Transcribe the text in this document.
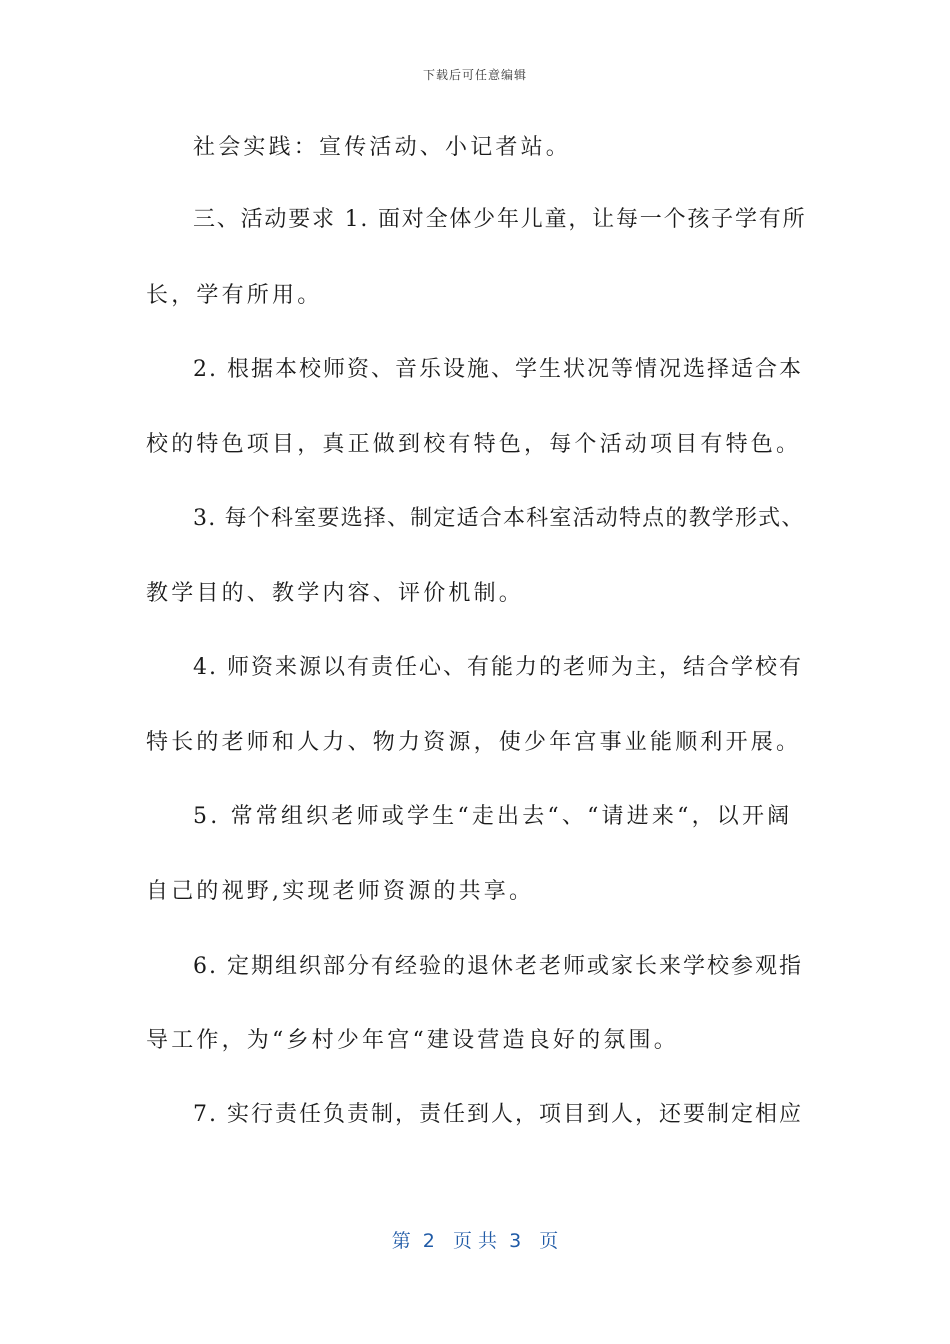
下载后可任意编辑
社会实践：宣传活动、小记者站。
三、活动要求 1. 面对全体少年儿童，让每一个孩子学有所
长，学有所用。
2. 根据本校师资、音乐设施、学生状况等情况选择适合本
校的特色项目，真正做到校有特色，每个活动项目有特色。
3. 每个科室要选择、制定适合本科室活动特点的教学形式、
教学目的、教学内容、评价机制。
4. 师资来源以有责任心、有能力的老师为主，结合学校有
特长的老师和人力、物力资源，使少年宫事业能顺利开展。
5. 常常组织老师或学生“走出去“、“请进来“，以开阔
自己的视野,实现老师资源的共享。
6. 定期组织部分有经验的退休老老师或家长来学校参观指
导工作，为“乡村少年宫“建设营造良好的氛围。
7. 实行责任负责制，责任到人，项目到人，还要制定相应
第  2   页 共  3   页
